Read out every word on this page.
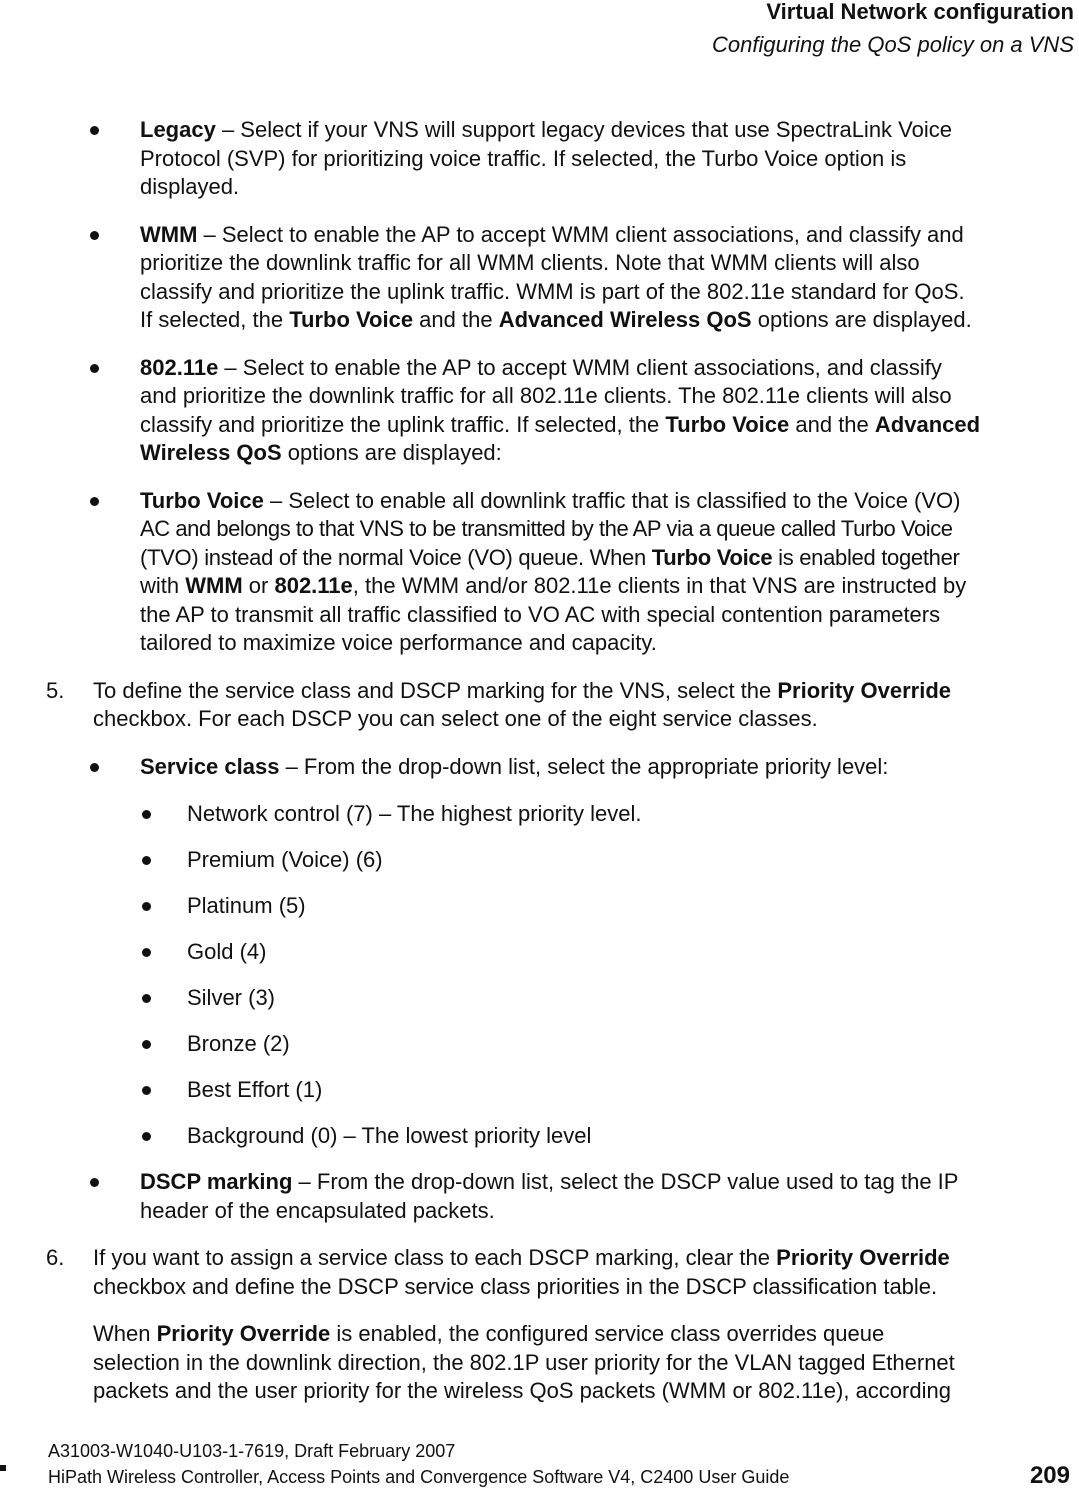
Virtual Network configuration
Configuring the QoS policy on a VNS
Legacy – Select if your VNS will support legacy devices that use SpectraLink Voice
Protocol (SVP) for prioritizing voice traffic. If selected, the Turbo Voice option is
displayed.
WMM – Select to enable the AP to accept WMM client associations, and classify and
prioritize the downlink traffic for all WMM clients. Note that WMM clients will also
classify and prioritize the uplink traffic. WMM is part of the 802.11e standard for QoS.
If selected, the Turbo Voice and the Advanced Wireless QoS options are displayed.
802.11e – Select to enable the AP to accept WMM client associations, and classify
and prioritize the downlink traffic for all 802.11e clients. The 802.11e clients will also
classify and prioritize the uplink traffic. If selected, the Turbo Voice and the Advanced
Wireless QoS options are displayed:
Turbo Voice – Select to enable all downlink traffic that is classified to the Voice (VO)
AC and belongs to that VNS to be transmitted by the AP via a queue called Turbo Voice
(TVO) instead of the normal Voice (VO) queue. When Turbo Voice is enabled together
with WMM or 802.11e, the WMM and/or 802.11e clients in that VNS are instructed by
the AP to transmit all traffic classified to VO AC with special contention parameters
tailored to maximize voice performance and capacity.
5. To define the service class and DSCP marking for the VNS, select the Priority Override
checkbox. For each DSCP you can select one of the eight service classes.
Service class – From the drop-down list, select the appropriate priority level:
Network control (7) – The highest priority level.
Premium (Voice) (6)
Platinum (5)
Gold (4)
Silver (3)
Bronze (2)
Best Effort (1)
Background (0) – The lowest priority level
DSCP marking – From the drop-down list, select the DSCP value used to tag the IP
header of the encapsulated packets.
6. If you want to assign a service class to each DSCP marking, clear the Priority Override
checkbox and define the DSCP service class priorities in the DSCP classification table.
When Priority Override is enabled, the configured service class overrides queue
selection in the downlink direction, the 802.1P user priority for the VLAN tagged Ethernet
packets and the user priority for the wireless QoS packets (WMM or 802.11e), according
A31003-W1040-U103-1-7619, Draft February 2007
HiPath Wireless Controller, Access Points and Convergence Software V4, C2400 User Guide	209
